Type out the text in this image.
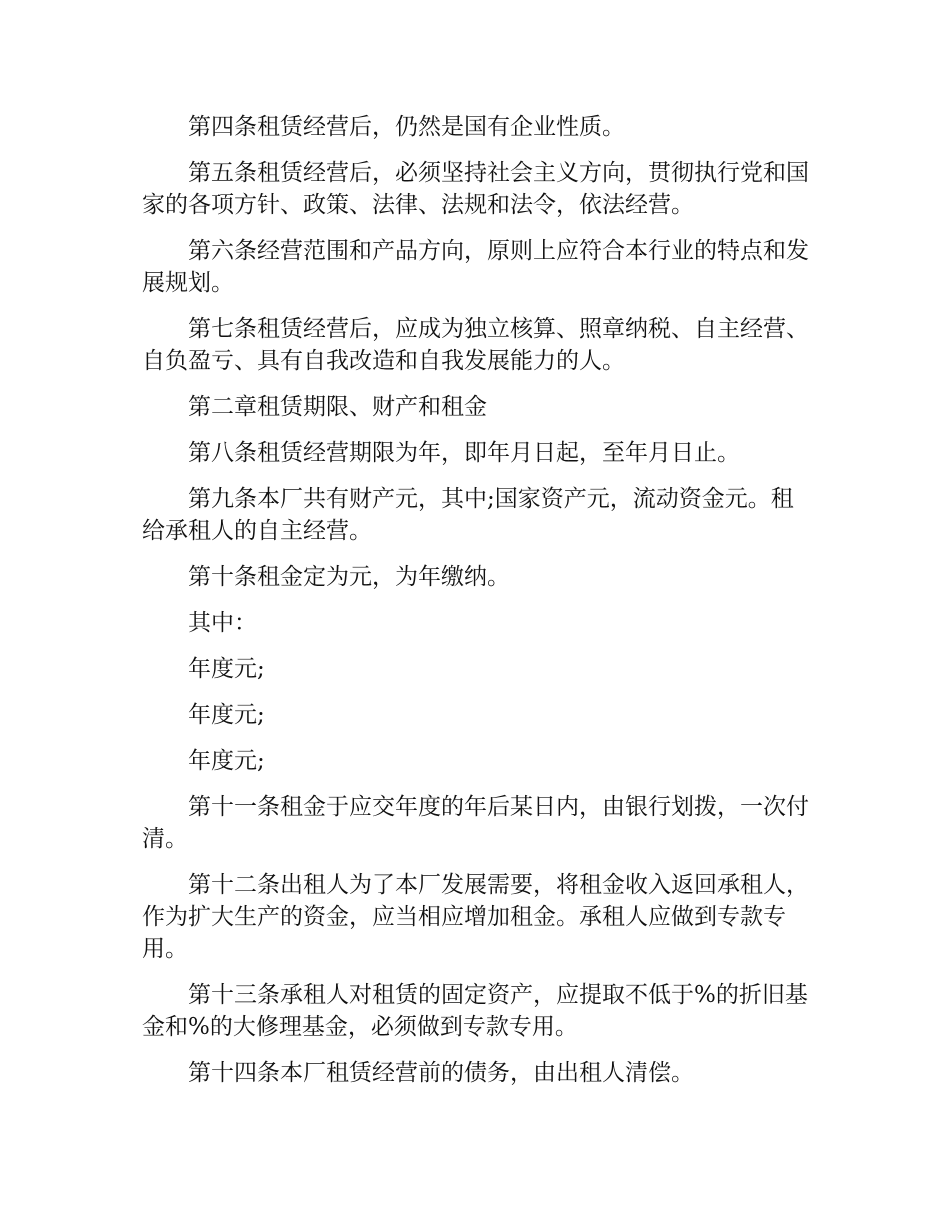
第四条租赁经营后，仍然是国有企业性质。

第五条租赁经营后，必须坚持社会主义方向，贯彻执行党和国家的各项方针、政策、法律、法规和法令，依法经营。

第六条经营范围和产品方向，原则上应符合本行业的特点和发展规划。

第七条租赁经营后，应成为独立核算、照章纳税、自主经营、自负盈亏、具有自我改造和自我发展能力的人。

第二章租赁期限、财产和租金

第八条租赁经营期限为年，即年月日起，至年月日止。

第九条本厂共有财产元，其中;国家资产元，流动资金元。租给承租人的自主经营。

第十条租金定为元，为年缴纳。

其中：

年度元;

年度元;

年度元;

第十一条租金于应交年度的年后某日内，由银行划拨，一次付清。

第十二条出租人为了本厂发展需要，将租金收入返回承租人，作为扩大生产的资金，应当相应增加租金。承租人应做到专款专用。

第十三条承租人对租赁的固定资产，应提取不低于%的折旧基金和%的大修理基金，必须做到专款专用。

第十四条本厂租赁经营前的债务，由出租人清偿。
